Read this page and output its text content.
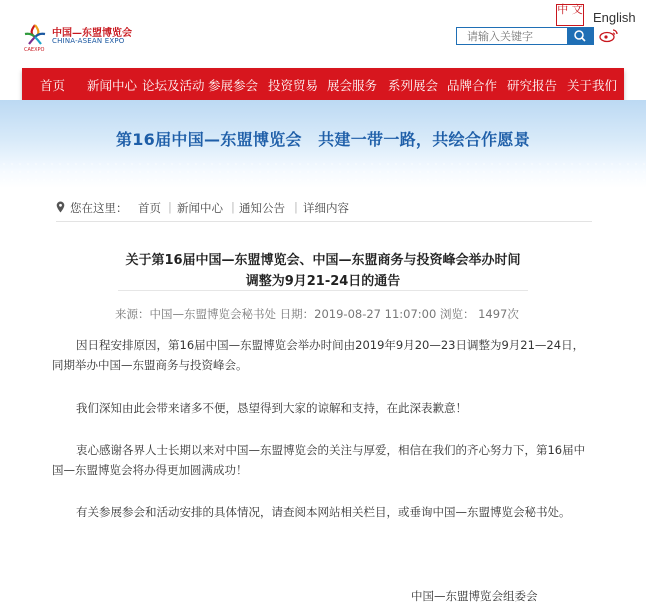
中国—东盟博览会
CHINA-ASEAN EXPO
CAEXPO
中 文
English
请输入关键字
首页 新闻中心 论坛及活动 参展参会 投资贸易 展会服务 系列展会 品牌合作 研究报告 关于我们
第16届中国—东盟博览会　共建一带一路，共绘合作愿景
您在这里： 首页 | 新闻中心 | 通知公告 | 详细内容
关于第16届中国—东盟博览会、中国—东盟商务与投资峰会举办时间
调整为9月21-24日的通告
来源：中国—东盟博览会秘书处 日期：2019-08-27 11:07:00 浏览： 1497次
因日程安排原因，第16届中国—东盟博览会举办时间由2019年9月20—23日调整为9月21—24日，同期举办中国—东盟商务与投资峰会。
我们深知由此会带来诸多不便，恳望得到大家的谅解和支持，在此深表歉意！
衷心感谢各界人士长期以来对中国—东盟博览会的关注与厚爱，相信在我们的齐心努力下，第16届中国—东盟博览会将办得更加圆满成功！
有关参展参会和活动安排的具体情况，请查阅本网站相关栏目，或垂询中国—东盟博览会秘书处。
中国—东盟博览会组委会
